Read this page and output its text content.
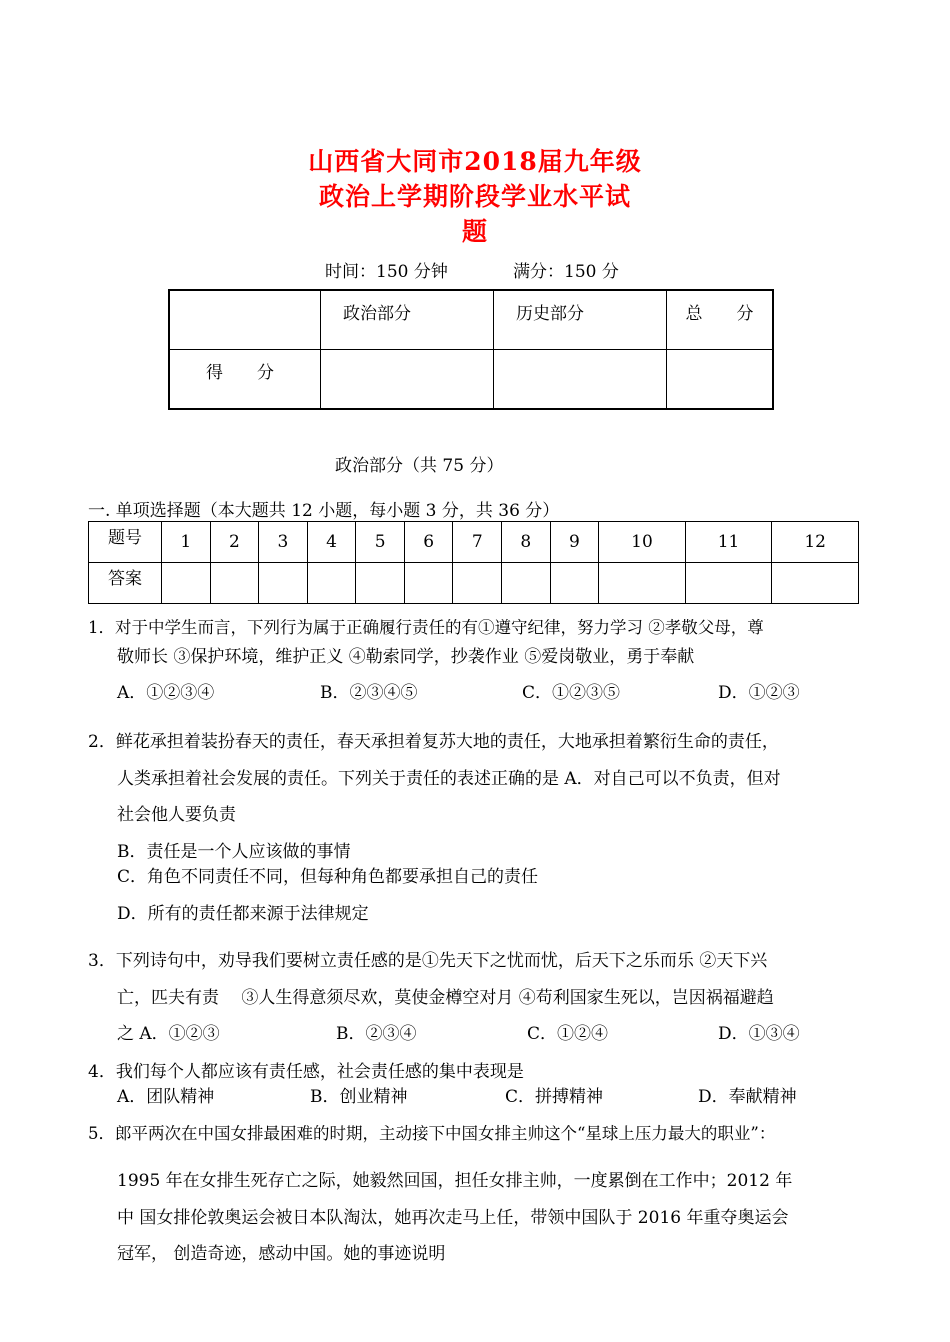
山西省大同市2018届九年级
政治上学期阶段学业水平试
题
时间：150 分钟	满分：150 分
	政治部分	历史部分	总　　分
得　　分			
政治部分（共 75 分）
一. 单项选择题（本大题共 12 小题，每小题 3 分，共 36 分）
题号	1	2	3	4	5	6	7	8	9	10	11	12
答案												
1．对于中学生而言，下列行为属于正确履行责任的有①遵守纪律，努力学习 ②孝敬父母，尊
敬师长 ③保护环境，维护正义 ④勒索同学，抄袭作业 ⑤爱岗敬业，勇于奉献
A．①②③④	B．②③④⑤	C．①②③⑤	D．①②③
2．鲜花承担着装扮春天的责任，春天承担着复苏大地的责任，大地承担着繁衍生命的责任，
人类承担着社会发展的责任。下列关于责任的表述正确的是 A．对自己可以不负责，但对
社会他人要负责
B．责任是一个人应该做的事情
C．角色不同责任不同，但每种角色都要承担自己的责任
D．所有的责任都来源于法律规定
3．下列诗句中，劝导我们要树立责任感的是①先天下之忧而忧，后天下之乐而乐 ②天下兴
亡，匹夫有责　 ③人生得意须尽欢，莫使金樽空对月 ④苟利国家生死以，岂因祸福避趋
之 A．①②③	B．②③④	C．①②④	D．①③④
4．我们每个人都应该有责任感，社会责任感的集中表现是
A．团队精神	B．创业精神	C．拼搏精神	D．奉献精神
5．郎平两次在中国女排最困难的时期，主动接下中国女排主帅这个“星球上压力最大的职业”：
1995 年在女排生死存亡之际，她毅然回国，担任女排主帅，一度累倒在工作中；2012 年
中 国女排伦敦奥运会被日本队淘汰，她再次走马上任，带领中国队于 2016 年重夺奥运会
冠军， 创造奇迹，感动中国。她的事迹说明
